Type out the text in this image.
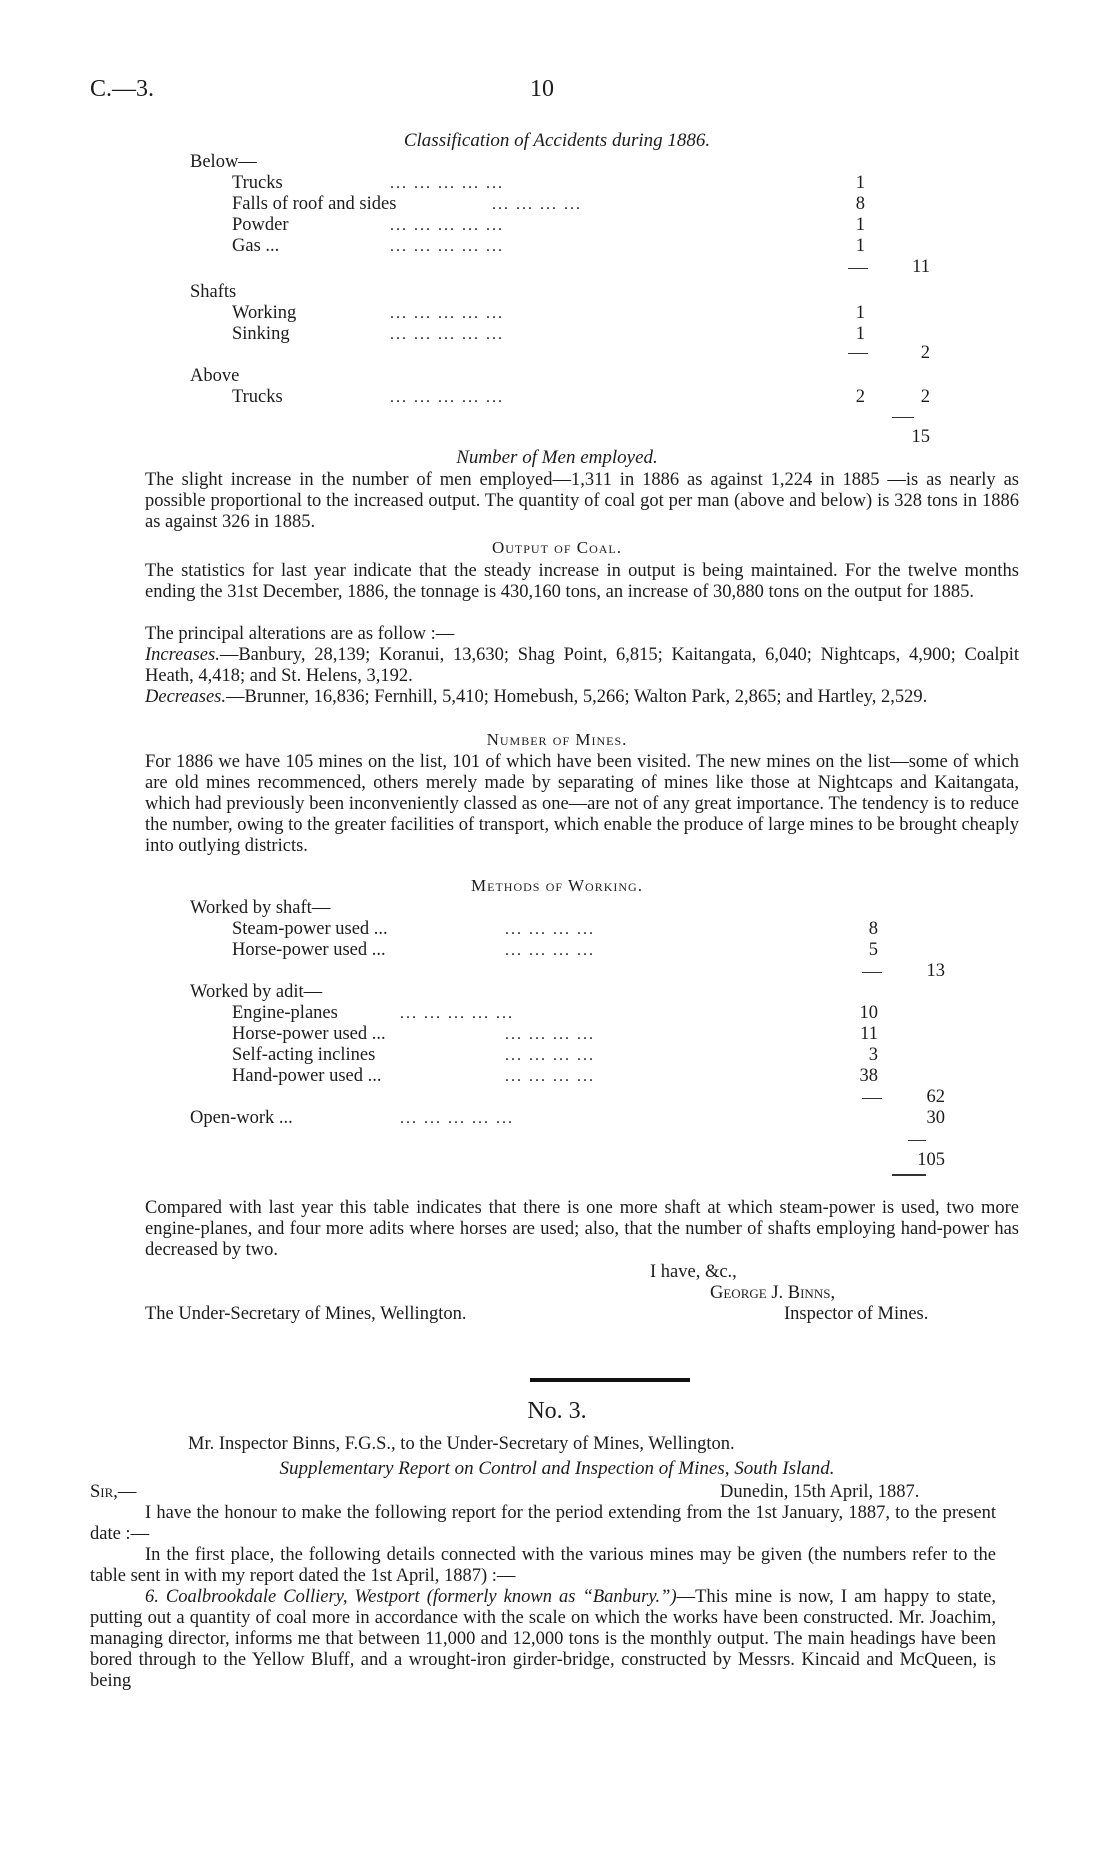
C.—3.	10
Classification of Accidents during 1886.
Below—
Trucks	... ... ... ... ...	1
Falls of roof and sides	... ... ... ...	8
Powder	... ... ... ... ...	1
Gas ...	... ... ... ... ...	1
11
Shafts
Working	... ... ... ... ...	1
Sinking	... ... ... ... ...	1
2
Above
Trucks	... ... ... ... ...	2	2
15
Number of Men employed.
The slight increase in the number of men employed—1,311 in 1886 as against 1,224 in 1885 —is as nearly as possible proportional to the increased output. The quantity of coal got per man (above and below) is 328 tons in 1886 as against 326 in 1885.
Output of Coal.
The statistics for last year indicate that the steady increase in output is being maintained. For the twelve months ending the 31st December, 1886, the tonnage is 430,160 tons, an increase of 30,880 tons on the output for 1885.
The principal alterations are as follow :—
Increases.—Banbury, 28,139; Koranui, 13,630; Shag Point, 6,815; Kaitangata, 6,040; Nightcaps, 4,900; Coalpit Heath, 4,418; and St. Helens, 3,192.
Decreases.—Brunner, 16,836; Fernhill, 5,410; Homebush, 5,266; Walton Park, 2,865; and Hartley, 2,529.
Number of Mines.
For 1886 we have 105 mines on the list, 101 of which have been visited. The new mines on the list—some of which are old mines recommenced, others merely made by separating of mines like those at Nightcaps and Kaitangata, which had previously been inconveniently classed as one—are not of any great importance. The tendency is to reduce the number, owing to the greater facilities of transport, which enable the produce of large mines to be brought cheaply into outlying districts.
Methods of Working.
Worked by shaft—
Steam-power used ...	... ... ... ...	8
Horse-power used ...	... ... ... ...	5
13
Worked by adit—
Engine-planes	... ... ... ... ...	10
Horse-power used ...	... ... ... ...	11
Self-acting inclines	... ... ... ...	3
Hand-power used ...	... ... ... ...	38
62
Open-work ...	... ... ... ... ...	30
105
Compared with last year this table indicates that there is one more shaft at which steam-power is used, two more engine-planes, and four more adits where horses are used; also, that the number of shafts employing hand-power has decreased by two.
I have, &c.,
George J. Binns,
The Under-Secretary of Mines, Wellington.	Inspector of Mines.
No. 3.
Mr. Inspector Binns, F.G.S., to the Under-Secretary of Mines, Wellington.
Supplementary Report on Control and Inspection of Mines, South Island.
Sir,—	Dunedin, 15th April, 1887.
I have the honour to make the following report for the period extending from the 1st January, 1887, to the present date :—
In the first place, the following details connected with the various mines may be given (the numbers refer to the table sent in with my report dated the 1st April, 1887) :—
6. Coalbrookdale Colliery, Westport (formerly known as “Banbury.”)—This mine is now, I am happy to state, putting out a quantity of coal more in accordance with the scale on which the works have been constructed. Mr. Joachim, managing director, informs me that between 11,000 and 12,000 tons is the monthly output. The main headings have been bored through to the Yellow Bluff, and a wrought-iron girder-bridge, constructed by Messrs. Kincaid and McQueen, is being
